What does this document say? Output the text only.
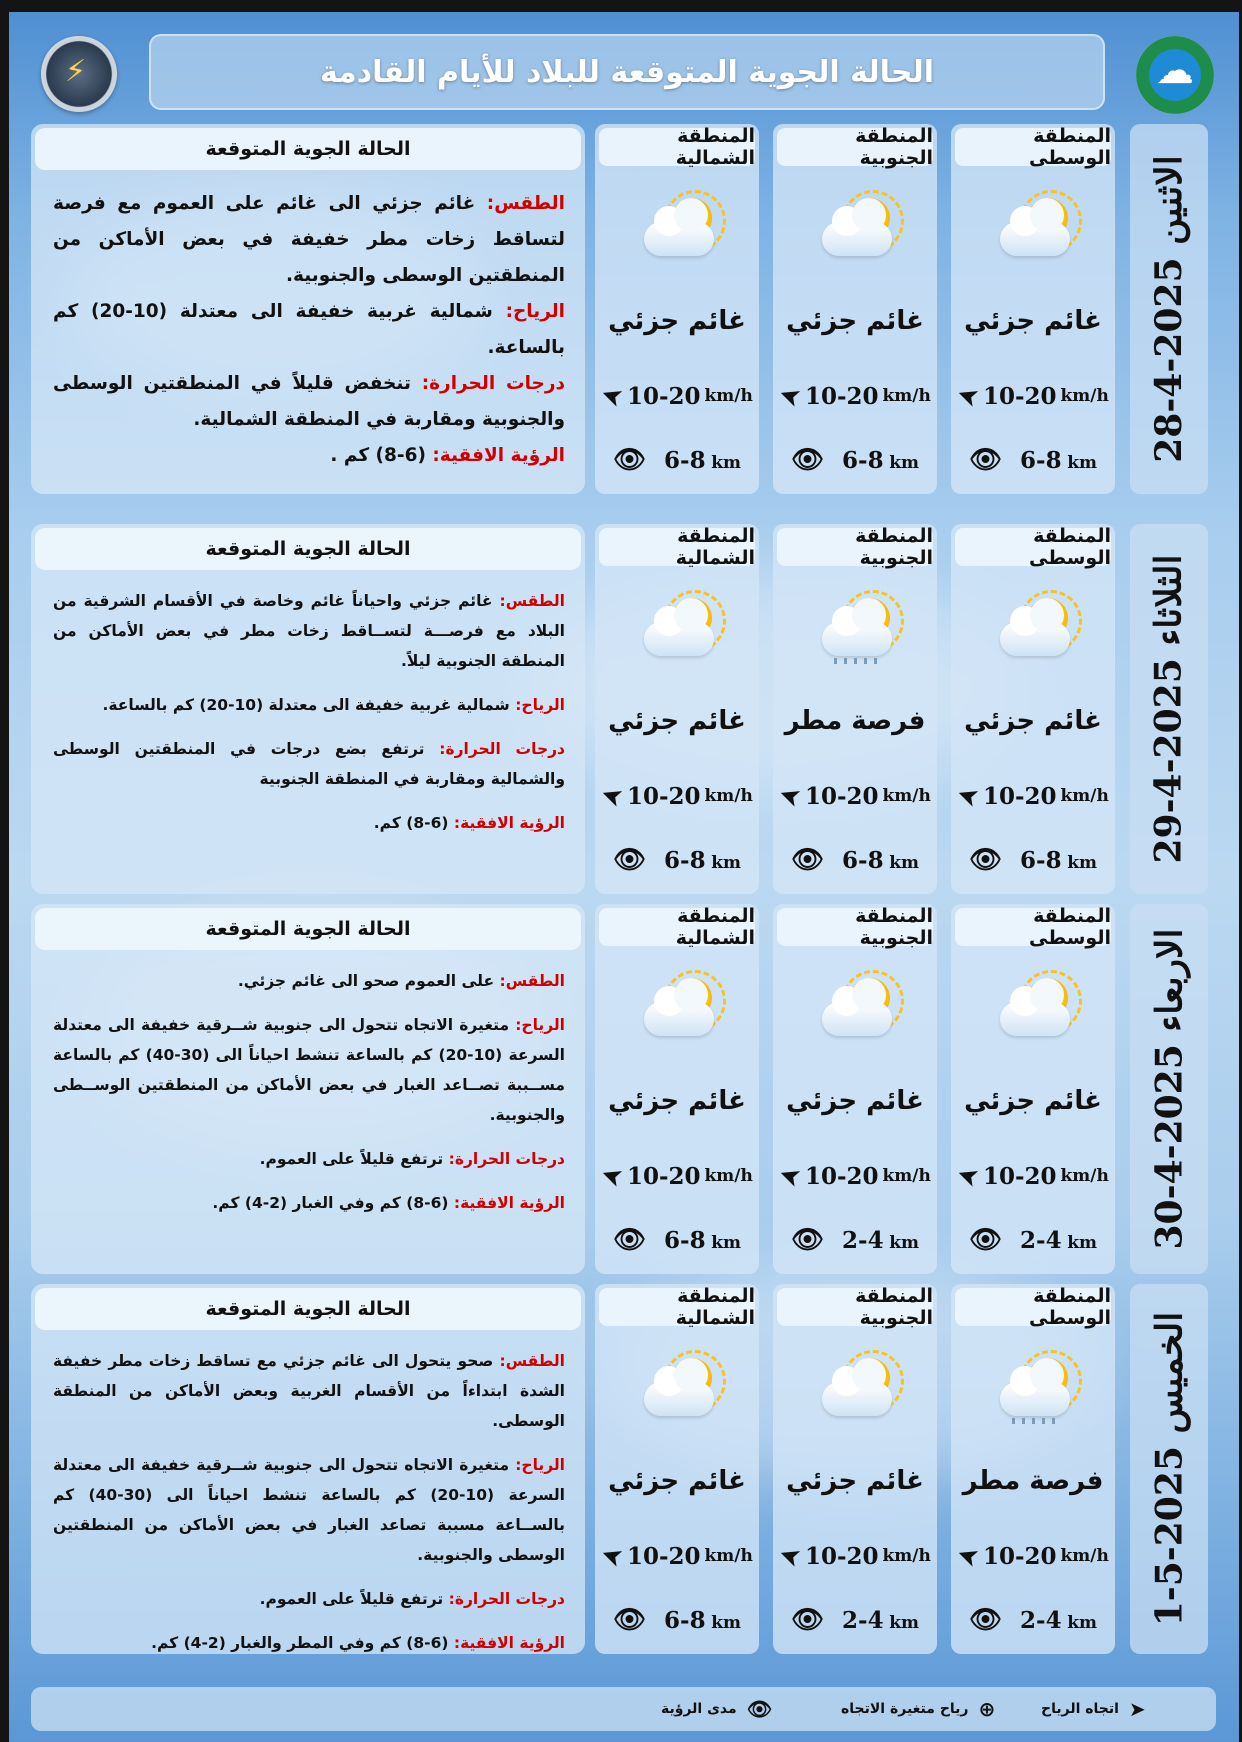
⚡
☁
الحالة الجوية المتوقعة للبلاد للأيام القادمة
الاثنين 2025-4-28
المنطقة الوسطى
غائم جزئي
➤ 10-20 km/h
👁 6-8 km
المنطقة الجنوبية
غائم جزئي
➤ 10-20 km/h
👁 6-8 km
المنطقة الشمالية
غائم جزئي
➤ 10-20 km/h
👁 6-8 km
الحالة الجوية المتوقعة

الطقس: غائم جزئي الى غائم على العموم مع فرصة لتساقط زخات مطر خفيفة في بعض الأماكن من المنطقتين الوسطى والجنوبية.

الرياح: شمالية غربية خفيفة الى معتدلة (10-20) كم بالساعة.

درجات الحرارة: تنخفض قليلاً في المنطقتين الوسطى والجنوبية ومقاربة في المنطقة الشمالية.

الرؤية الافقية: (6-8) كم .

الثلاثاء 2025-4-29
المنطقة الوسطى
غائم جزئي
➤ 10-20 km/h
👁 6-8 km
المنطقة الجنوبية
فرصة مطر
➤ 10-20 km/h
👁 6-8 km
المنطقة الشمالية
غائم جزئي
➤ 10-20 km/h
👁 6-8 km
الحالة الجوية المتوقعة

الطقس: غائم جزئي واحياناً غائم وخاصة في الأقسام الشرقية من البلاد مع فرصـــة لتســاقط زخات مطر في بعض الأماكن من المنطقة الجنوبية ليلاً.

الرياح: شمالية غربية خفيفة الى معتدلة (10-20) كم بالساعة.

درجات الحرارة: ترتفع بضع درجات في المنطقتين الوسطى والشمالية ومقاربة في المنطقة الجنوبية

الرؤية الافقية: (6-8) كم.

الاربعاء 2025-4-30
المنطقة الوسطى
غائم جزئي
➤ 10-20 km/h
👁 2-4 km
المنطقة الجنوبية
غائم جزئي
➤ 10-20 km/h
👁 2-4 km
المنطقة الشمالية
غائم جزئي
➤ 10-20 km/h
👁 6-8 km
الحالة الجوية المتوقعة

الطقس: على العموم صحو الى غائم جزئي.

الرياح: متغيرة الاتجاه تتحول الى جنوبية شــرقية خفيفة الى معتدلة السرعة (10-20) كم بالساعة تنشط احياناً الى (30-40) كم بالساعة مســببة تصــاعد الغبار في بعض الأماكن من المنطقتين الوســطى والجنوبية.

درجات الحرارة: ترتفع قليلاً على العموم.

الرؤية الافقية: (6-8) كم وفي الغبار (2-4) كم.

الخميس 2025-5-1
المنطقة الوسطى
فرصة مطر
➤ 10-20 km/h
👁 2-4 km
المنطقة الجنوبية
غائم جزئي
➤ 10-20 km/h
👁 2-4 km
المنطقة الشمالية
غائم جزئي
➤ 10-20 km/h
👁 6-8 km
الحالة الجوية المتوقعة

الطقس: صحو يتحول الى غائم جزئي مع تساقط زخات مطر خفيفة الشدة ابتداءاً من الأقسام الغربية وبعض الأماكن من المنطقة الوسطى.

الرياح: متغيرة الاتجاه تتحول الى جنوبية شــرقية خفيفة الى معتدلة السرعة (10-20) كم بالساعة تنشط احياناً الى (30-40) كم بالســاعة مسببة تصاعد الغبار في بعض الأماكن من المنطقتين الوسطى والجنوبية.

درجات الحرارة: ترتفع قليلاً على العموم.

الرؤية الافقية: (6-8) كم وفي المطر والغبار (2-4) كم.

➤
اتجاه الرياح
⊕
رياح متغيرة الاتجاه
👁
مدى الرؤية
